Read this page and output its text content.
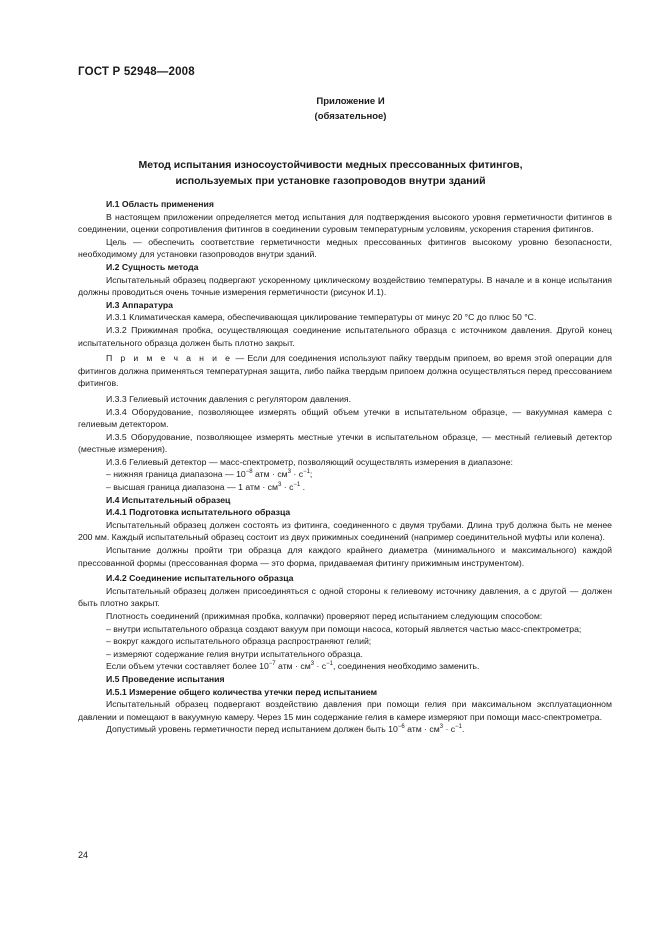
ГОСТ Р 52948—2008
Приложение И
(обязательное)
Метод испытания износоустойчивости медных прессованных фитингов,
используемых при установке газопроводов внутри зданий

И.1 Область применения

В настоящем приложении определяется метод испытания для подтверждения высокого уровня герметичности фитингов в соединении, оценки сопротивления фитингов в соединении суровым температурным условиям, ускорения старения фитингов.

Цель — обеспечить соответствие герметичности медных прессованных фитингов высокому уровню безопасности, необходимому для установки газопроводов внутри зданий.

И.2 Сущность метода

Испытательный образец подвергают ускоренному циклическому воздействию температуры. В начале и в конце испытания должны проводиться очень точные измерения герметичности (рисунок И.1).

И.3 Аппаратура

И.3.1 Климатическая камера, обеспечивающая циклирование температуры от минус 20 °С до плюс 50 °С.

И.3.2 Прижимная пробка, осуществляющая соединение испытательного образца с источником давления. Другой конец испытательного образца должен быть плотно закрыт.

П р и м е ч а н и е — Если для соединения используют пайку твердым припоем, во время этой операции для фитингов должна применяться температурная защита, либо пайка твердым припоем должна осуществляться перед прессованием фитингов.

И.3.3 Гелиевый источник давления с регулятором давления.

И.3.4 Оборудование, позволяющее измерять общий объем утечки в испытательном образце, — вакуумная камера с гелиевым детектором.

И.3.5 Оборудование, позволяющее измерять местные утечки в испытательном образце, — местный гелиевый детектор (местные измерения).

И.3.6 Гелиевый детектор — масс-спектрометр, позволяющий осуществлять измерения в диапазоне:

– нижняя граница диапазона — $10^{-8}$ атм · $см^3 \cdot с^{-1}$;

– высшая граница диапазона — 1 атм · $см^3 \cdot с^{-1}$ .

И.4 Испытательный образец

И.4.1 Подготовка испытательного образца

Испытательный образец должен состоять из фитинга, соединенного с двумя трубами. Длина труб должна быть не менее 200 мм. Каждый испытательный образец состоит из двух прижимных соединений (например соединительной муфты или колена).

Испытание должны пройти три образца для каждого крайнего диаметра (минимального и максимального) каждой прессованной формы (прессованная форма — это форма, придаваемая фитингу прижимным инструментом).

И.4.2 Соединение испытательного образца

Испытательный образец должен присоединяться с одной стороны к гелиевому источнику давления, а с другой — должен быть плотно закрыт.

Плотность соединений (прижимная пробка, колпачки) проверяют перед испытанием следующим способом:

– внутри испытательного образца создают вакуум при помощи насоса, который является частью масс-спектрометра;

– вокруг каждого испытательного образца распространяют гелий;

– измеряют содержание гелия внутри испытательного образца.

Если объем утечки составляет более $10^{-7}$ атм · $см^3 \cdot с^{-1}$, соединения необходимо заменить.

И.5 Проведение испытания

И.5.1 Измерение общего количества утечки перед испытанием

Испытательный образец подвергают воздействию давления при помощи гелия при максимальном эксплуатационном давлении и помещают в вакуумную камеру. Через 15 мин содержание гелия в камере измеряют при помощи масс-спектрометра.

Допустимый уровень герметичности перед испытанием должен быть $10^{-6}$ атм · $см^3 \cdot с^{-1}$.

24
